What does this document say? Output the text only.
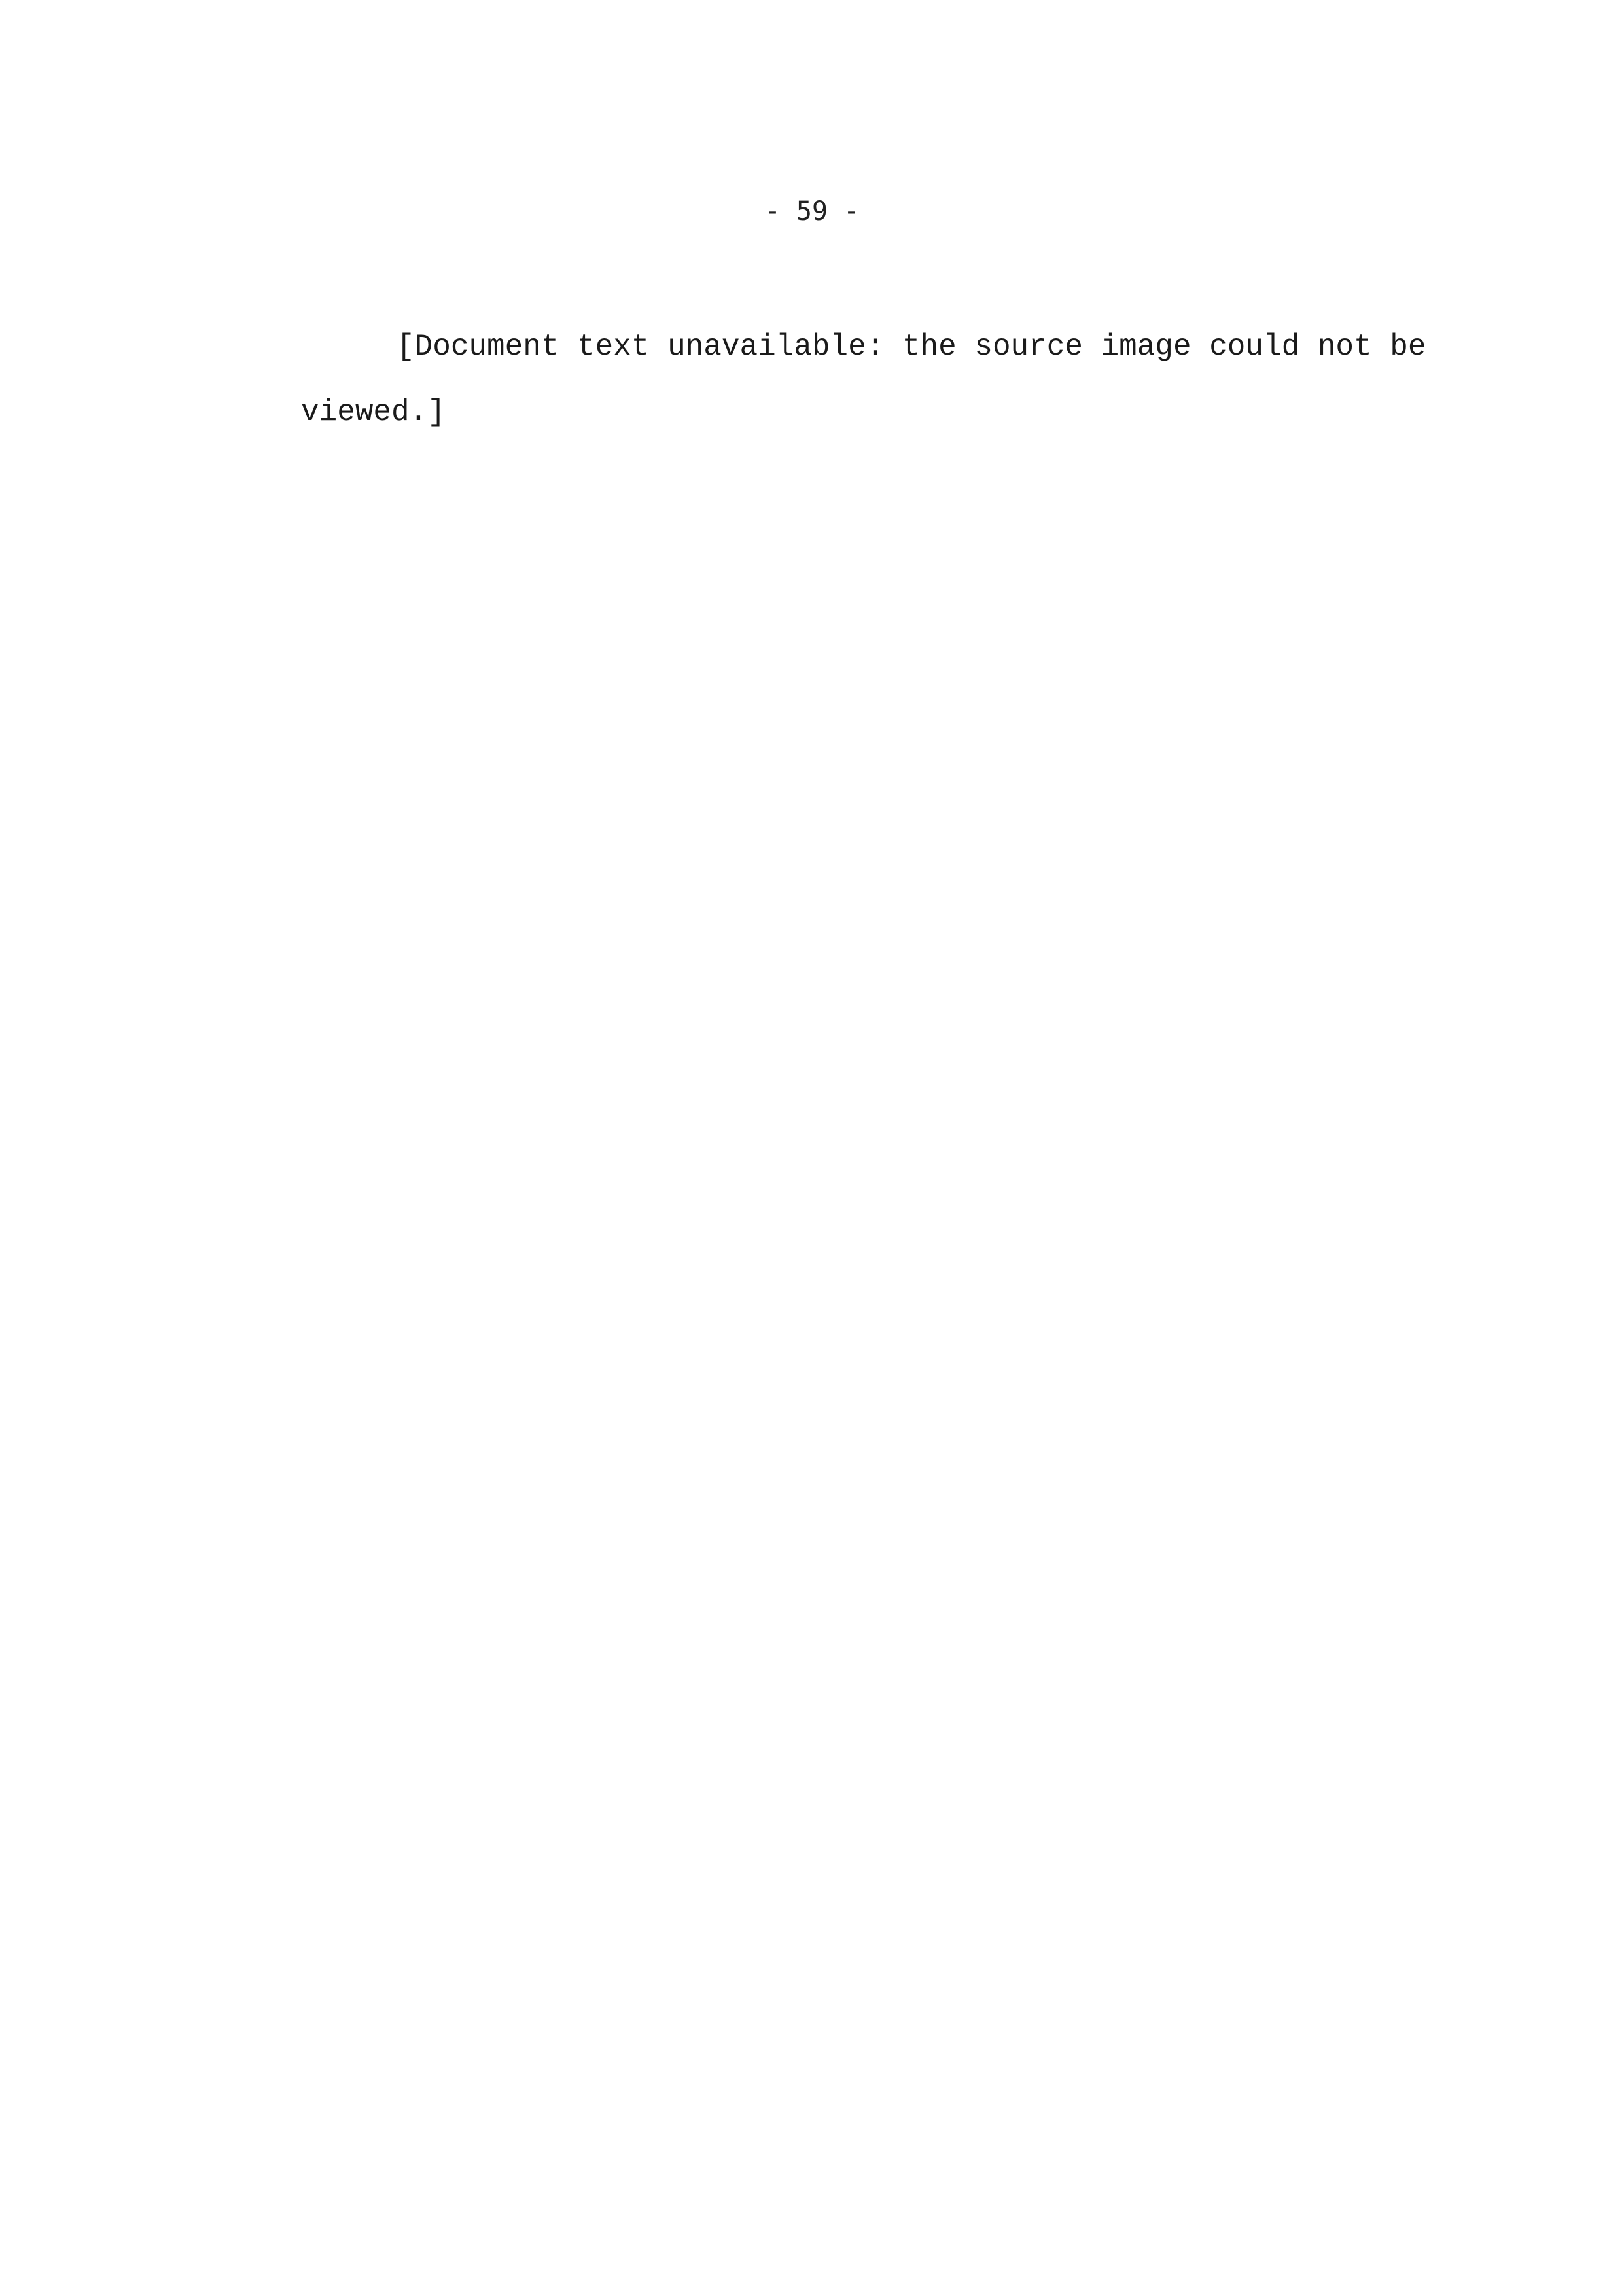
- 59 -

[Document text unavailable: the source image could not be viewed.]
